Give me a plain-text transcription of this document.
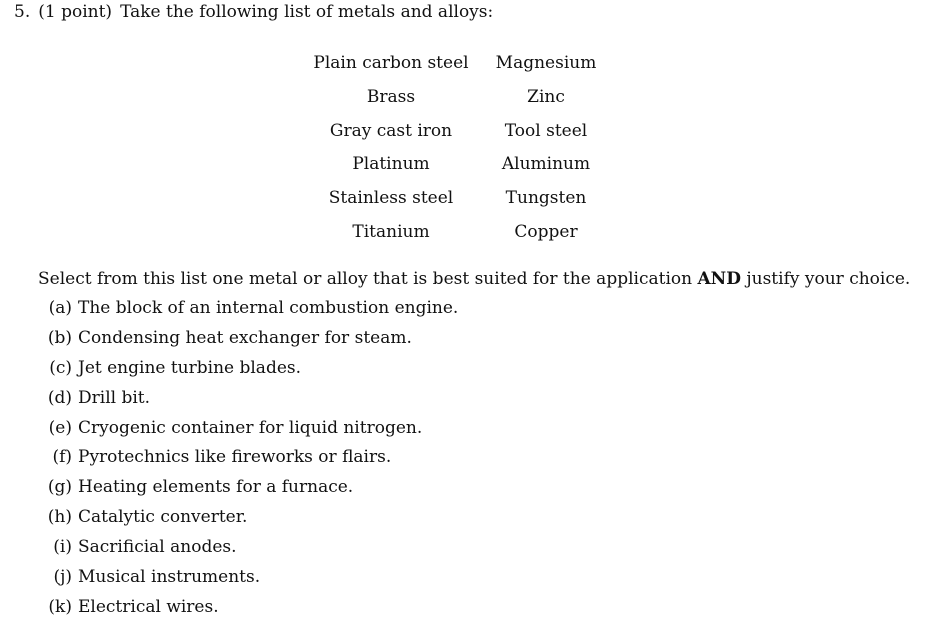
5. (1 point) Take the following list of metals and alloys:
Plain carbon steel	Magnesium
Brass	Zinc
Gray cast iron	Tool steel
Platinum	Aluminum
Stainless steel	Tungsten
Titanium	Copper
Select from this list one metal or alloy that is best suited for the application AND justify your choice.
(a) The block of an internal combustion engine.
(b) Condensing heat exchanger for steam.
(c) Jet engine turbine blades.
(d) Drill bit.
(e) Cryogenic container for liquid nitrogen.
(f) Pyrotechnics like fireworks or flairs.
(g) Heating elements for a furnace.
(h) Catalytic converter.
(i) Sacrificial anodes.
(j) Musical instruments.
(k) Electrical wires.
